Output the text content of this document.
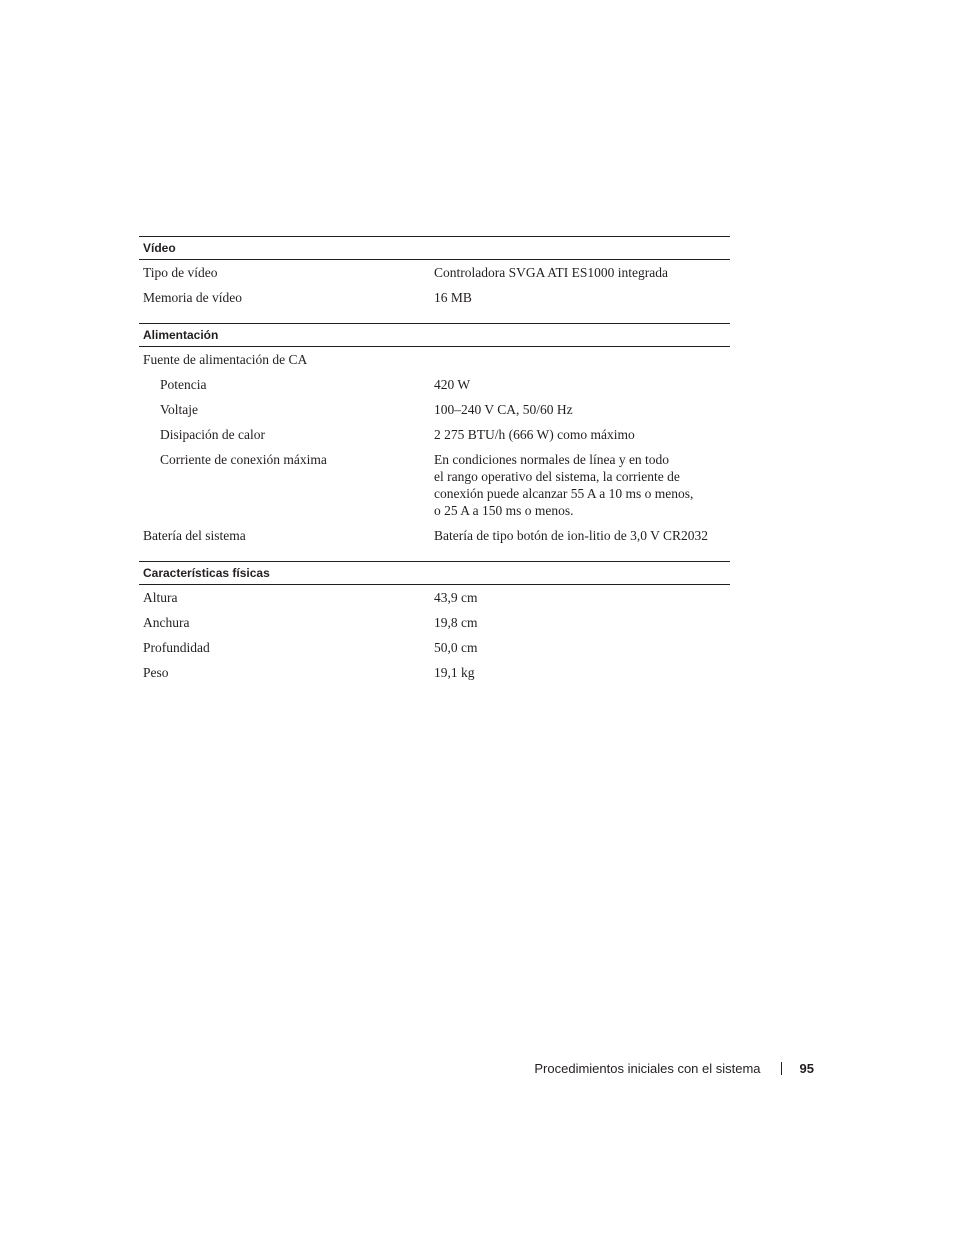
Vídeo
Tipo de vídeo	Controladora SVGA ATI ES1000 integrada
Memoria de vídeo	16 MB
Alimentación
Fuente de alimentación de CA
Potencia	420 W
Voltaje	100–240 V CA, 50/60 Hz
Disipación de calor	2 275 BTU/h (666 W) como máximo
Corriente de conexión máxima	En condiciones normales de línea y en todo
el rango operativo del sistema, la corriente de
conexión puede alcanzar 55 A a 10 ms o menos,
o 25 A a 150 ms o menos.
Batería del sistema	Batería de tipo botón de ion-litio de 3,0 V CR2032
Características físicas
Altura	43,9 cm
Anchura	19,8 cm
Profundidad	50,0 cm
Peso	19,1 kg
Procedimientos iniciales con el sistema	95
